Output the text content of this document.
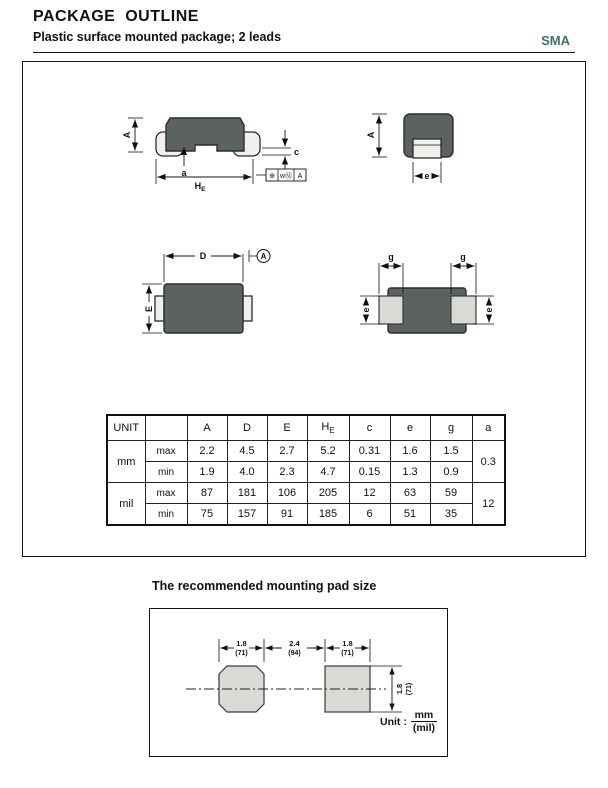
PACKAGE  OUTLINE
Plastic surface mounted package; 2 leads	SMA
A
a
HE
c
⊕ wⓂ A
A
e
D	A
E
g	g
e	e
UNIT		A	D	E	$H_E$	c	e	g	a
mm	max	2.2	4.5	2.7	5.2	0.31	1.6	1.5	0.3
	min	1.9	4.0	2.3	4.7	0.15	1.3	0.9	
mil	max	87	181	106	205	12	63	59	12
	min	75	157	91	185	6	51	35	
The recommended mounting pad size
1.8
(71)
2.4
(94)
1.8
(71)
1.8 (71)
Unit : $\frac{mm}{\text{(mil)}}$
